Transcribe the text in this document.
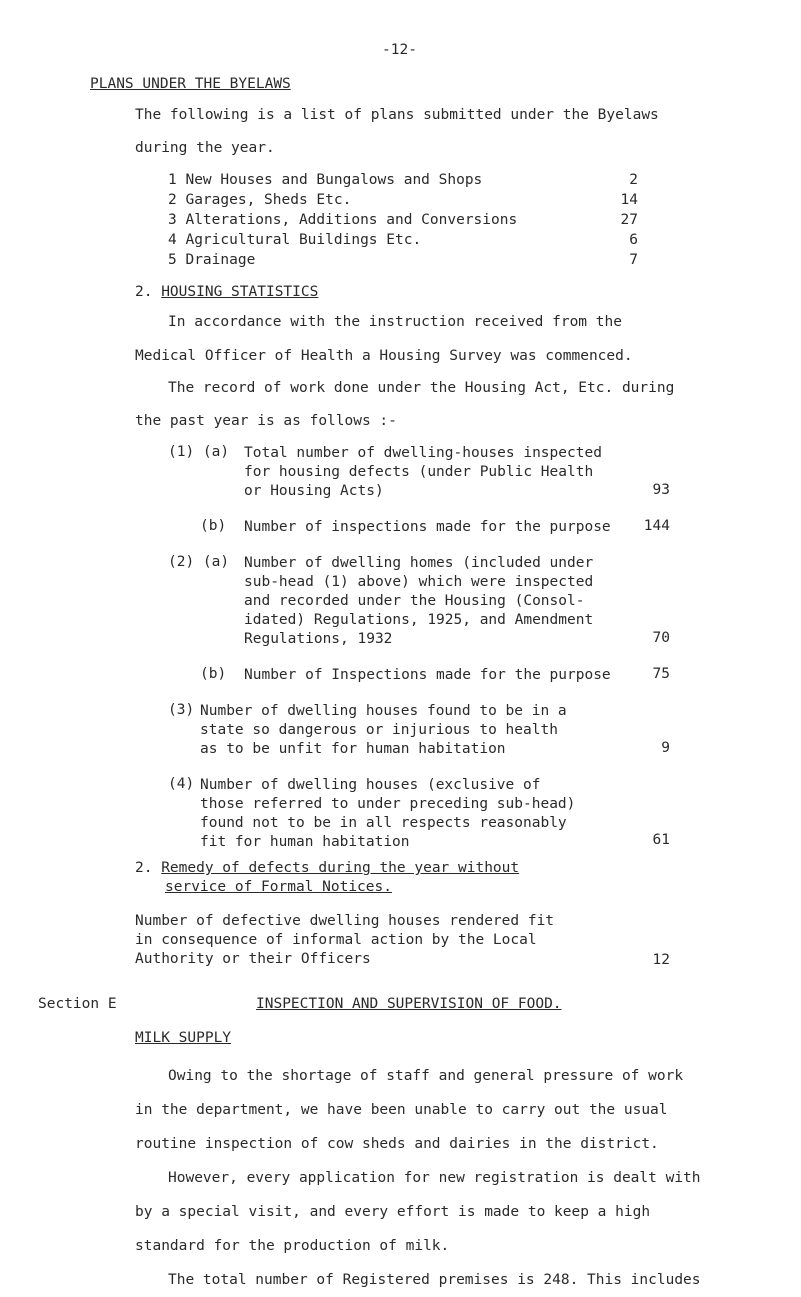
-12-
PLANS UNDER THE BYELAWS
The following is a list of plans submitted under the Byelaws
during the year.
1 New Houses and Bungalows and Shops	2
2 Garages, Sheds Etc.	14
3 Alterations, Additions and Conversions	27
4 Agricultural Buildings Etc.	6
5 Drainage	7
2. HOUSING STATISTICS
In accordance with the instruction received from the
Medical Officer of Health a Housing Survey was commenced.
The record of work done under the Housing Act, Etc. during
the past year is as follows :-
(1) (a) Total number of dwelling-houses inspected
for housing defects (under Public Health
or Housing Acts)	93
(b) Number of inspections made for the purpose	144
(2) (a) Number of dwelling homes (included under
sub-head (1) above) which were inspected
and recorded under the Housing (Consol-
idated) Regulations, 1925, and Amendment
Regulations, 1932	70
(b) Number of Inspections made for the purpose	75
(3) Number of dwelling houses found to be in a
state so dangerous or injurious to health
as to be unfit for human habitation	9
(4) Number of dwelling houses (exclusive of
those referred to under preceding sub-head)
found not to be in all respects reasonably
fit for human habitation	61
2. Remedy of defects during the year without
service of Formal Notices.
Number of defective dwelling houses rendered fit
in consequence of informal action by the Local
Authority or their Officers	12
Section E	INSPECTION AND SUPERVISION OF FOOD.
MILK SUPPLY
Owing to the shortage of staff and general pressure of work
in the department, we have been unable to carry out the usual
routine inspection of cow sheds and dairies in the district.
However, every application for new registration is dealt with
by a special visit, and every effort is made to keep a high
standard for the production of milk.
The total number of Registered premises is 248. This includes
